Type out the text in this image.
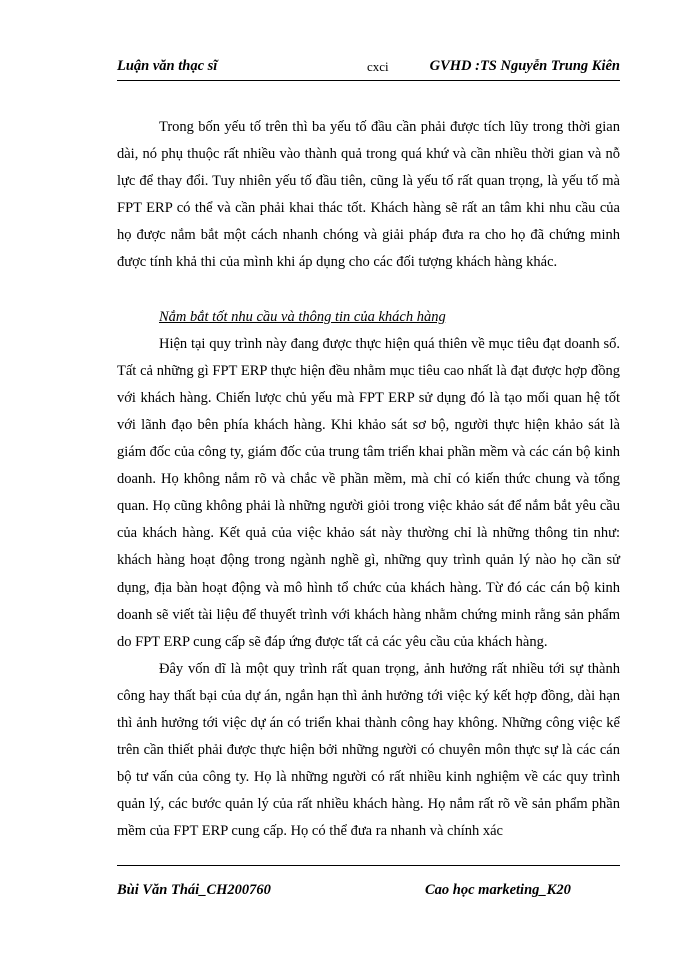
Luận văn thạc sĩ	cxci	GVHD :TS Nguyễn Trung Kiên

Trong bốn yếu tố trên thì ba yếu tố đầu cần phải được tích lũy trong thời gian dài, nó phụ thuộc rất nhiều vào thành quả trong quá khứ và cần nhiều thời gian và nỗ lực để thay đổi. Tuy nhiên yếu tố đầu tiên, cũng là yếu tố rất quan trọng, là yếu tố mà FPT ERP có thể và cần phải khai thác tốt. Khách hàng sẽ rất an tâm khi nhu cầu của họ được nắm bắt một cách nhanh chóng và giải pháp đưa ra cho họ đã chứng minh được tính khả thi của mình khi áp dụng cho các đối tượng khách hàng khác.

Nắm bắt tốt nhu cầu và thông tin của khách hàng

Hiện tại quy trình này đang được thực hiện quá thiên về mục tiêu đạt doanh số. Tất cả những gì FPT ERP thực hiện đều nhằm mục tiêu cao nhất là đạt được hợp đồng với khách hàng. Chiến lược chủ yếu mà FPT ERP sử dụng đó là tạo mối quan hệ tốt với lãnh đạo bên phía khách hàng. Khi khảo sát sơ bộ, người thực hiện khảo sát là giám đốc của công ty, giám đốc của trung tâm triển khai phần mềm và các cán bộ kinh doanh. Họ không nắm rõ và chắc về phần mềm, mà chỉ có kiến thức chung và tổng quan. Họ cũng không phải là những người giỏi trong việc khảo sát để nắm bắt yêu cầu của khách hàng. Kết quả của việc khảo sát này thường chỉ là những thông tin như: khách hàng hoạt động trong ngành nghề gì, những quy trình quản lý nào họ cần sử dụng, địa bàn hoạt động và mô hình tổ chức của khách hàng. Từ đó các cán bộ kinh doanh sẽ viết tài liệu để thuyết trình với khách hàng nhằm chứng minh rằng sản phẩm do FPT ERP cung cấp sẽ đáp ứng được tất cả các yêu cầu của khách hàng.

Đây vốn dĩ là một quy trình rất quan trọng, ảnh hưởng rất nhiều tới sự thành công hay thất bại của dự án, ngắn hạn thì ảnh hưởng tới việc ký kết hợp đồng, dài hạn thì ảnh hưởng tới việc dự án có triển khai thành công hay không. Những công việc kể trên cần thiết phải được thực hiện bởi những người có chuyên môn thực sự là các cán bộ tư vấn của công ty. Họ là những người có rất nhiều kinh nghiệm về các quy trình quản lý, các bước quản lý của rất nhiều khách hàng. Họ nắm rất rõ về sản phẩm phần mềm của FPT ERP cung cấp. Họ có thể đưa ra nhanh và chính xác

Bùi Văn Thái_CH200760	Cao học marketing_K20
